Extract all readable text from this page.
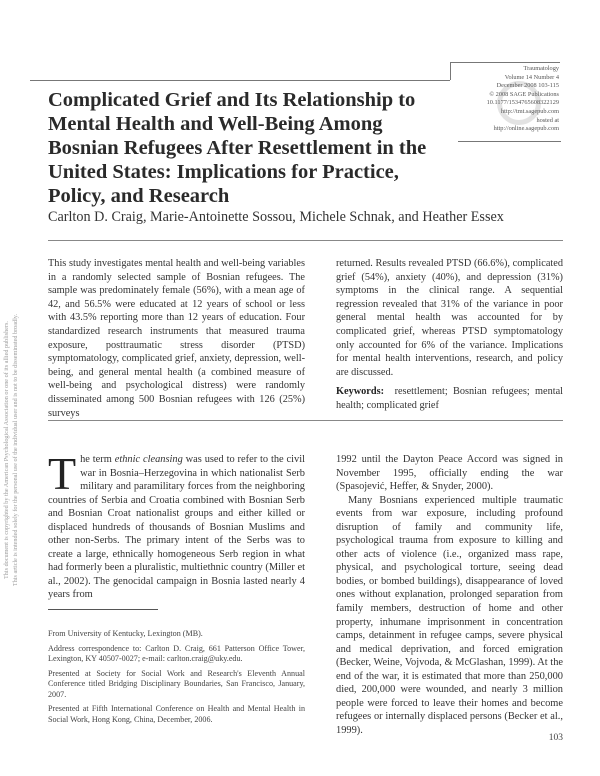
This document is copyrighted by the American Psychological Association or one of its allied publishers. This article is intended solely for the personal use of the individual user and is not to be disseminated broadly.
Traumatology
Volume 14 Number 4
December 2008 103-115
© 2008 SAGE Publications
10.1177/1534765608322129
http://tmt.sagepub.com
hosted at
http://online.sagepub.com
Complicated Grief and Its Relationship to Mental Health and Well-Being Among Bosnian Refugees After Resettlement in the United States: Implications for Practice, Policy, and Research
Carlton D. Craig, Marie-Antoinette Sossou, Michele Schnak, and Heather Essex
This study investigates mental health and well-being variables in a randomly selected sample of Bosnian refugees. The sample was predominately female (56%), with a mean age of 42, and 56.5% were educated at 12 years of school or less with 43.5% reporting more than 12 years of education. Four standardized research instruments that measured trauma exposure, posttraumatic stress disorder (PTSD) symptomatology, complicated grief, anxiety, depression, well-being, and general mental health (a combined measure of well-being and psychological distress) were randomly disseminated among 500 Bosnian refugees with 126 (25%) surveys
returned. Results revealed PTSD (66.6%), complicated grief (54%), anxiety (40%), and depression (31%) symptoms in the clinical range. A sequential regression revealed that 31% of the variance in poor general mental health was accounted for by complicated grief, whereas PTSD symptomatology only accounted for 6% of the variance. Implications for mental health interventions, research, and policy are discussed.
Keywords: resettlement; Bosnian refugees; mental health; complicated grief
The term ethnic cleansing was used to refer to the civil war in Bosnia–Herzegovina in which nationalist Serb military and paramilitary forces from the neighboring countries of Serbia and Croatia combined with Bosnian Serb and Bosnian Croat nationalist groups and either killed or displaced hundreds of thousands of Bosnian Muslims and other non-Serbs. The primary intent of the Serbs was to create a large, ethnically homogeneous Serb region in what had formerly been a pluralistic, multiethnic country (Miller et al., 2002). The genocidal campaign in Bosnia lasted nearly 4 years from

From University of Kentucky, Lexington (MB).

Address correspondence to: Carlton D. Craig, 661 Patterson Office Tower, Lexington, KY 40507-0027; e-mail: carlton.craig@uky.edu.

Presented at Society for Social Work and Research's Eleventh Annual Conference titled Bridging Disciplinary Boundaries, San Francisco, January, 2007.

Presented at Fifth International Conference on Health and Mental Health in Social Work, Hong Kong, China, December, 2006.

1992 until the Dayton Peace Accord was signed in November 1995, officially ending the war (Spasojević, Heffer, & Snyder, 2000).

Many Bosnians experienced multiple traumatic events from war exposure, including profound disruption of family and community life, psychological trauma from exposure to killing and other acts of violence (i.e., organized mass rape, physical, and psychological torture, seeing dead bodies, or bombed buildings), disappearance of loved ones without explanation, prolonged separation from family members, destruction of home and other property, inhumane imprisonment in concentration camps, detainment in refugee camps, severe physical and medical deprivation, and forced emigration (Becker, Weine, Vojvoda, & McGlashan, 1999). At the end of the war, it is estimated that more than 250,000 died, 200,000 were wounded, and nearly 3 million people were forced to leave their homes and become refugees or internally displaced persons (Becker et al., 1999).

103
